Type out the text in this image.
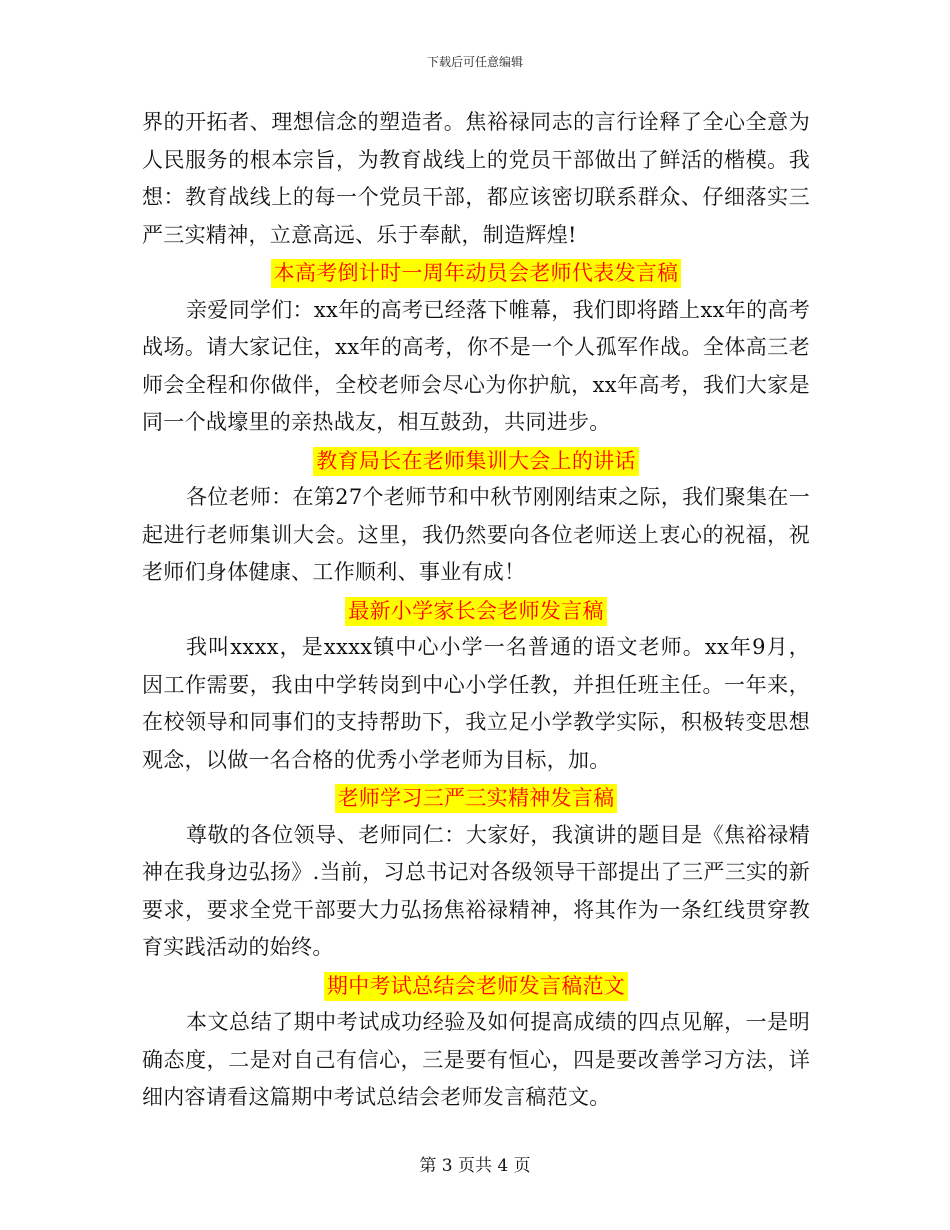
下载后可任意编辑

界的开拓者、理想信念的塑造者。焦裕禄同志的言行诠释了全心全意为人民服务的根本宗旨，为教育战线上的党员干部做出了鲜活的楷模。我想：教育战线上的每一个党员干部，都应该密切联系群众、仔细落实三严三实精神，立意高远、乐于奉献，制造辉煌!

本高考倒计时一周年动员会老师代表发言稿

亲爱同学们：xx年的高考已经落下帷幕，我们即将踏上xx年的高考战场。请大家记住，xx年的高考，你不是一个人孤军作战。全体高三老师会全程和你做伴，全校老师会尽心为你护航，xx年高考，我们大家是同一个战壕里的亲热战友，相互鼓劲，共同进步。

教育局长在老师集训大会上的讲话

各位老师：在第27个老师节和中秋节刚刚结束之际，我们聚集在一起进行老师集训大会。这里，我仍然要向各位老师送上衷心的祝福，祝老师们身体健康、工作顺利、事业有成！

最新小学家长会老师发言稿

我叫xxxx，是xxxx镇中心小学一名普通的语文老师。xx年9月，因工作需要，我由中学转岗到中心小学任教，并担任班主任。一年来，在校领导和同事们的支持帮助下，我立足小学教学实际，积极转变思想观念，以做一名合格的优秀小学老师为目标，加。

老师学习三严三实精神发言稿

尊敬的各位领导、老师同仁：大家好，我演讲的题目是《焦裕禄精神在我身边弘扬》.当前，习总书记对各级领导干部提出了三严三实的新要求，要求全党干部要大力弘扬焦裕禄精神，将其作为一条红线贯穿教育实践活动的始终。

期中考试总结会老师发言稿范文

本文总结了期中考试成功经验及如何提高成绩的四点见解，一是明确态度，二是对自己有信心，三是要有恒心，四是要改善学习方法，详细内容请看这篇期中考试总结会老师发言稿范文。

第 3 页共 4 页
